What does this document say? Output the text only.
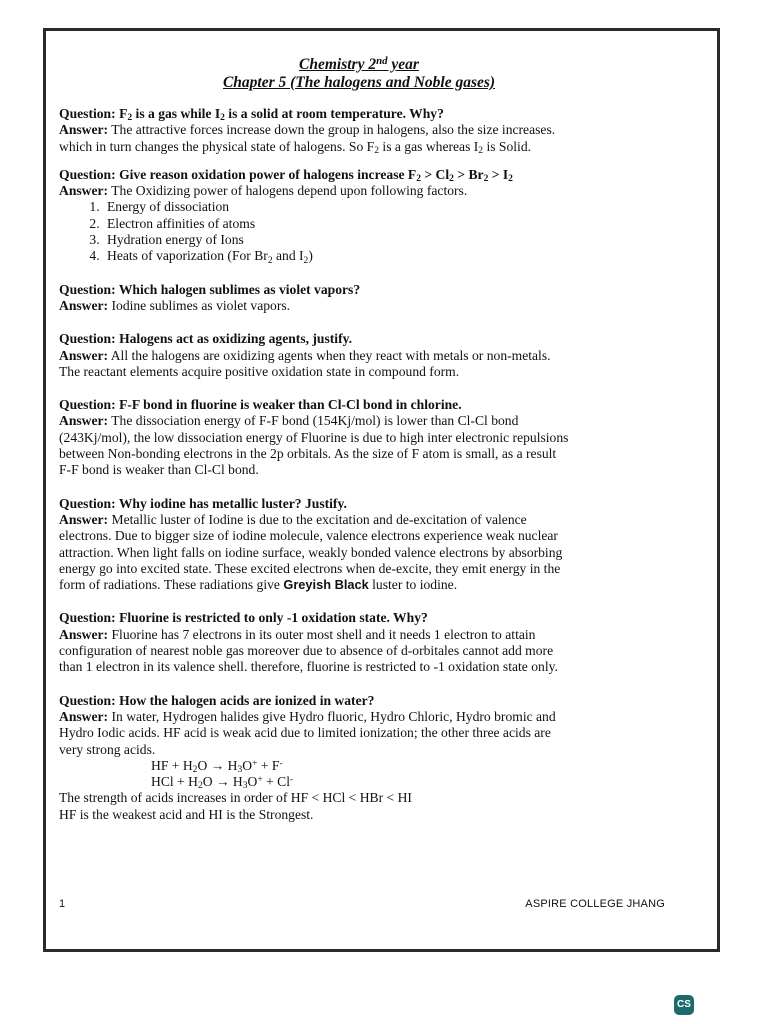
Chemistry 2nd year
Chapter 5 (The halogens and Noble gases)
Question: $F_2$ is a gas while $I_2$ is a solid at room temperature. Why?
Answer: The attractive forces increase down the group in halogens, also the size increases.
which in turn changes the physical state of halogens. So $F_2$ is a gas whereas $I_2$ is Solid.
Question: Give reason oxidation power of halogens increase $F_2 > Cl_2 > Br_2 > I_2$
Answer: The Oxidizing power of halogens depend upon following factors.
1. Energy of dissociation
2. Electron affinities of atoms
3. Hydration energy of Ions
4. Heats of vaporization (For $Br_2$ and $I_2$)
Question: Which halogen sublimes as violet vapors?
Answer: Iodine sublimes as violet vapors.
Question: Halogens act as oxidizing agents, justify.
Answer: All the halogens are oxidizing agents when they react with metals or non-metals.
The reactant elements acquire positive oxidation state in compound form.
Question: F-F bond in fluorine is weaker than Cl-Cl bond in chlorine.
Answer: The dissociation energy of F-F bond (154Kj/mol) is lower than Cl-Cl bond
(243Kj/mol), the low dissociation energy of Fluorine is due to high inter electronic repulsions
between Non-bonding electrons in the 2p orbitals. As the size of F atom is small, as a result
F-F bond is weaker than Cl-Cl bond.
Question: Why iodine has metallic luster? Justify.
Answer: Metallic luster of Iodine is due to the excitation and de-excitation of valence
electrons. Due to bigger size of iodine molecule, valence electrons experience weak nuclear
attraction. When light falls on iodine surface, weakly bonded valence electrons by absorbing
energy go into excited state. These excited electrons when de-excite, they emit energy in the
form of radiations. These radiations give Greyish Black luster to iodine.
Question: Fluorine is restricted to only -1 oxidation state. Why?
Answer: Fluorine has 7 electrons in its outer most shell and it needs 1 electron to attain
configuration of nearest noble gas moreover due to absence of d-orbitales cannot add more
than 1 electron in its valence shell. therefore, fluorine is restricted to -1 oxidation state only.
Question: How the halogen acids are ionized in water?
Answer: In water, Hydrogen halides give Hydro fluoric, Hydro Chloric, Hydro bromic and
Hydro Iodic acids. HF acid is weak acid due to limited ionization; the other three acids are
very strong acids.
HF + $H_2O \to H_3O^+ + F^-$
HCl + $H_2O \to H_3O^+ + Cl^-$
The strength of acids increases in order of HF < HCl < HBr < HI
HF is the weakest acid and HI is the Strongest.
1	ASPIRE COLLEGE JHANG
CS
